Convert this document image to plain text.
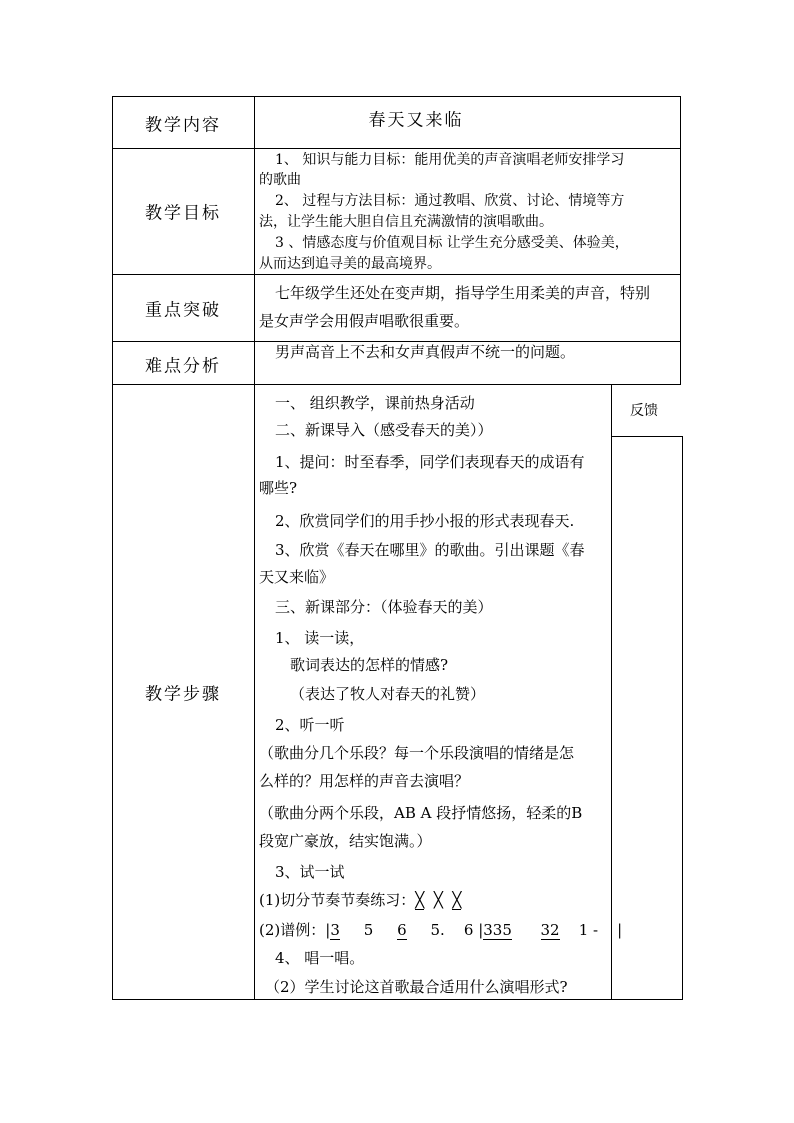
教学内容	春天又来临
教学目标
1、 知识与能力目标：能用优美的声音演唱老师安排学习
的歌曲
2、 过程与方法目标：通过教唱、欣赏、讨论、情境等方
法，让学生能大胆自信且充满激情的演唱歌曲。
3 、情感态度与价值观目标 让学生充分感受美、体验美，
从而达到追寻美的最高境界。
重点突破
七年级学生还处在变声期，指导学生用柔美的声音，特别
是女声学会用假声唱歌很重要。
难点分析
男声高音上不去和女声真假声不统一的问题。
教学步骤
反馈
一、 组织教学，课前热身活动
二、新课导入（感受春天的美））
1、提问：时至春季，同学们表现春天的成语有
哪些?
2、欣赏同学们的用手抄小报的形式表现春天.
3、欣赏《春天在哪里》的歌曲。引出课题《春
天又来临》
三、新课部分：（体验春天的美）
1、 读一读，
歌词表达的怎样的情感?
（表达了牧人对春天的礼赞）
2、听一听
（歌曲分几个乐段？每一个乐段演唱的情绪是怎
么样的？用怎样的声音去演唱？
（歌曲分两个乐段，AB A 段抒情悠扬，轻柔的B
段宽广豪放，结实饱满。）
3、试一试
(1)切分节奏节奏练习：╳ ╳ ╳
(2)谱例：|3 5 6 5. 6 |335 32 1 - |
4、 唱一唱。
（2）学生讨论这首歌最合适用什么演唱形式?
